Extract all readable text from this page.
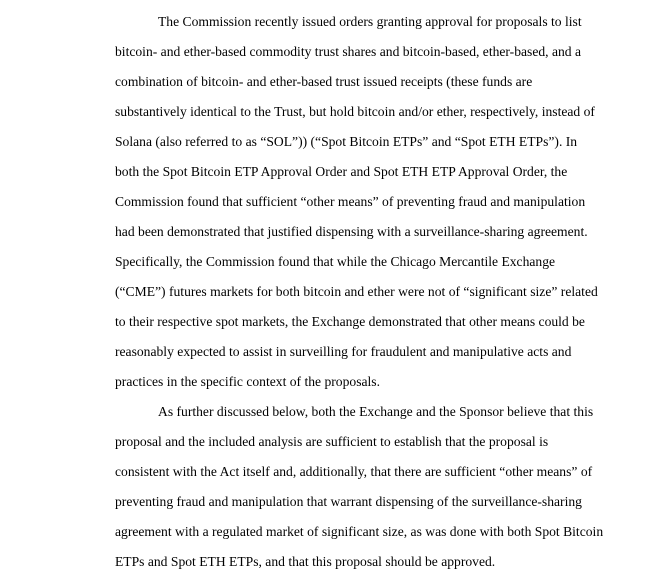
The Commission recently issued orders granting approval for proposals to list
bitcoin- and ether-based commodity trust shares and bitcoin-based, ether-based, and a
combination of bitcoin- and ether-based trust issued receipts (these funds are
substantively identical to the Trust, but hold bitcoin and/or ether, respectively, instead of
Solana (also referred to as “SOL”)) (“Spot Bitcoin ETPs” and “Spot ETH ETPs”). In
both the Spot Bitcoin ETP Approval Order and Spot ETH ETP Approval Order, the
Commission found that sufficient “other means” of preventing fraud and manipulation
had been demonstrated that justified dispensing with a surveillance-sharing agreement.
Specifically, the Commission found that while the Chicago Mercantile Exchange
(“CME”) futures markets for both bitcoin and ether were not of “significant size” related
to their respective spot markets, the Exchange demonstrated that other means could be
reasonably expected to assist in surveilling for fraudulent and manipulative acts and
practices in the specific context of the proposals.
As further discussed below, both the Exchange and the Sponsor believe that this
proposal and the included analysis are sufficient to establish that the proposal is
consistent with the Act itself and, additionally, that there are sufficient “other means” of
preventing fraud and manipulation that warrant dispensing of the surveillance-sharing
agreement with a regulated market of significant size, as was done with both Spot Bitcoin
ETPs and Spot ETH ETPs, and that this proposal should be approved.
